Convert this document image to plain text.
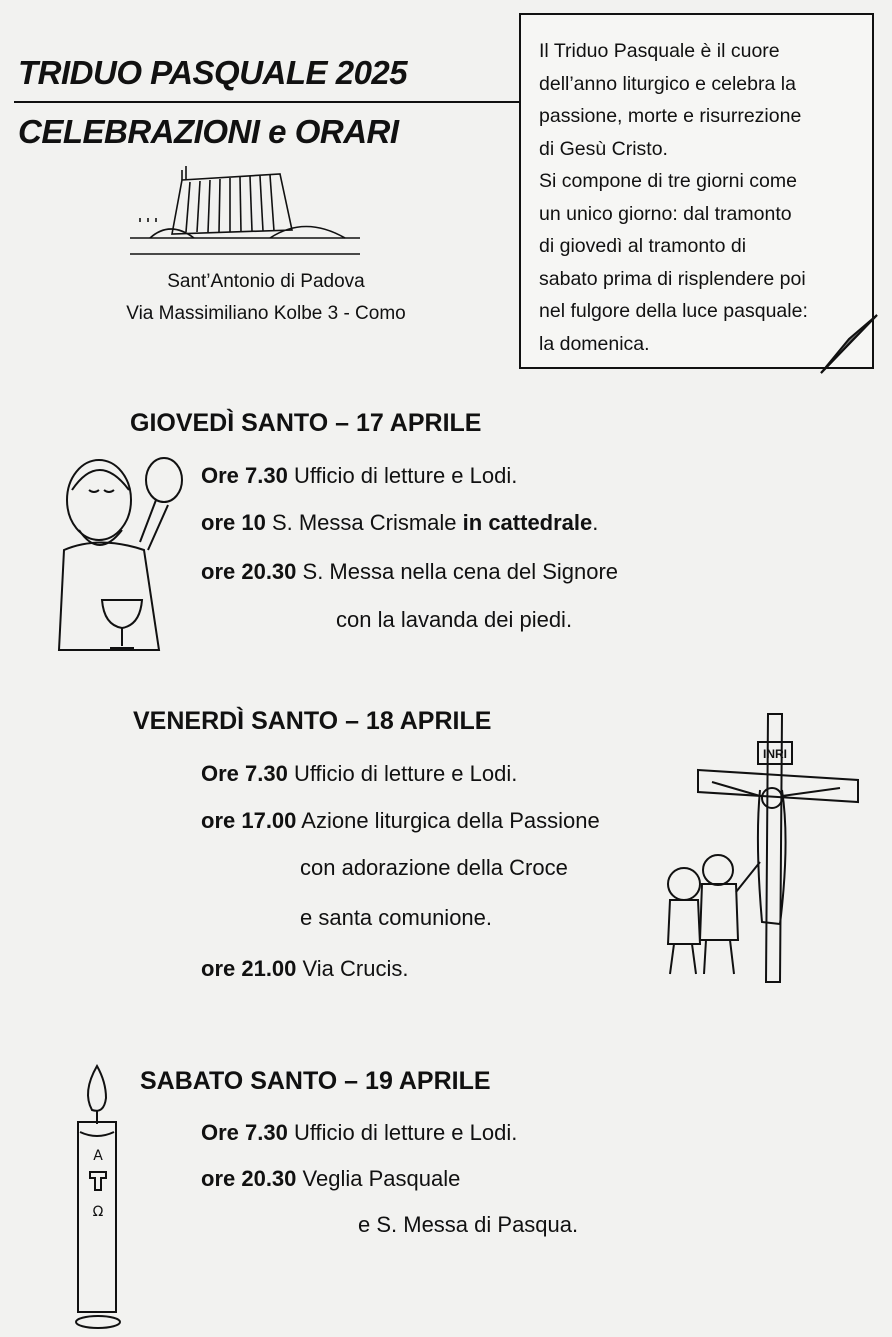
TRIDUO PASQUALE 2025
CELEBRAZIONI e ORARI
Sant’Antonio di Padova
Via Massimiliano Kolbe 3 - Como
Il Triduo Pasquale è il cuore
dell’anno liturgico e celebra la
passione, morte e risurrezione
di Gesù Cristo.
Si compone di tre giorni come
un unico giorno: dal tramonto
di giovedì al tramonto di
sabato prima di risplendere poi
nel fulgore della luce pasquale:
la domenica.
GIOVEDÌ SANTO – 17 APRILE
Ore 7.30 Ufficio di letture e Lodi.
ore 10 S. Messa Crismale in cattedrale.
ore 20.30 S. Messa nella cena del Signore
con la lavanda dei piedi.
VENERDÌ SANTO – 18 APRILE
INRI
Ore 7.30 Ufficio di letture e Lodi.
ore 17.00 Azione liturgica della Passione
con adorazione della Croce
e santa comunione.
ore 21.00 Via Crucis.
SABATO SANTO – 19 APRILE
A
Ω
Ore 7.30 Ufficio di letture e Lodi.
ore 20.30 Veglia Pasquale
e S. Messa di Pasqua.
